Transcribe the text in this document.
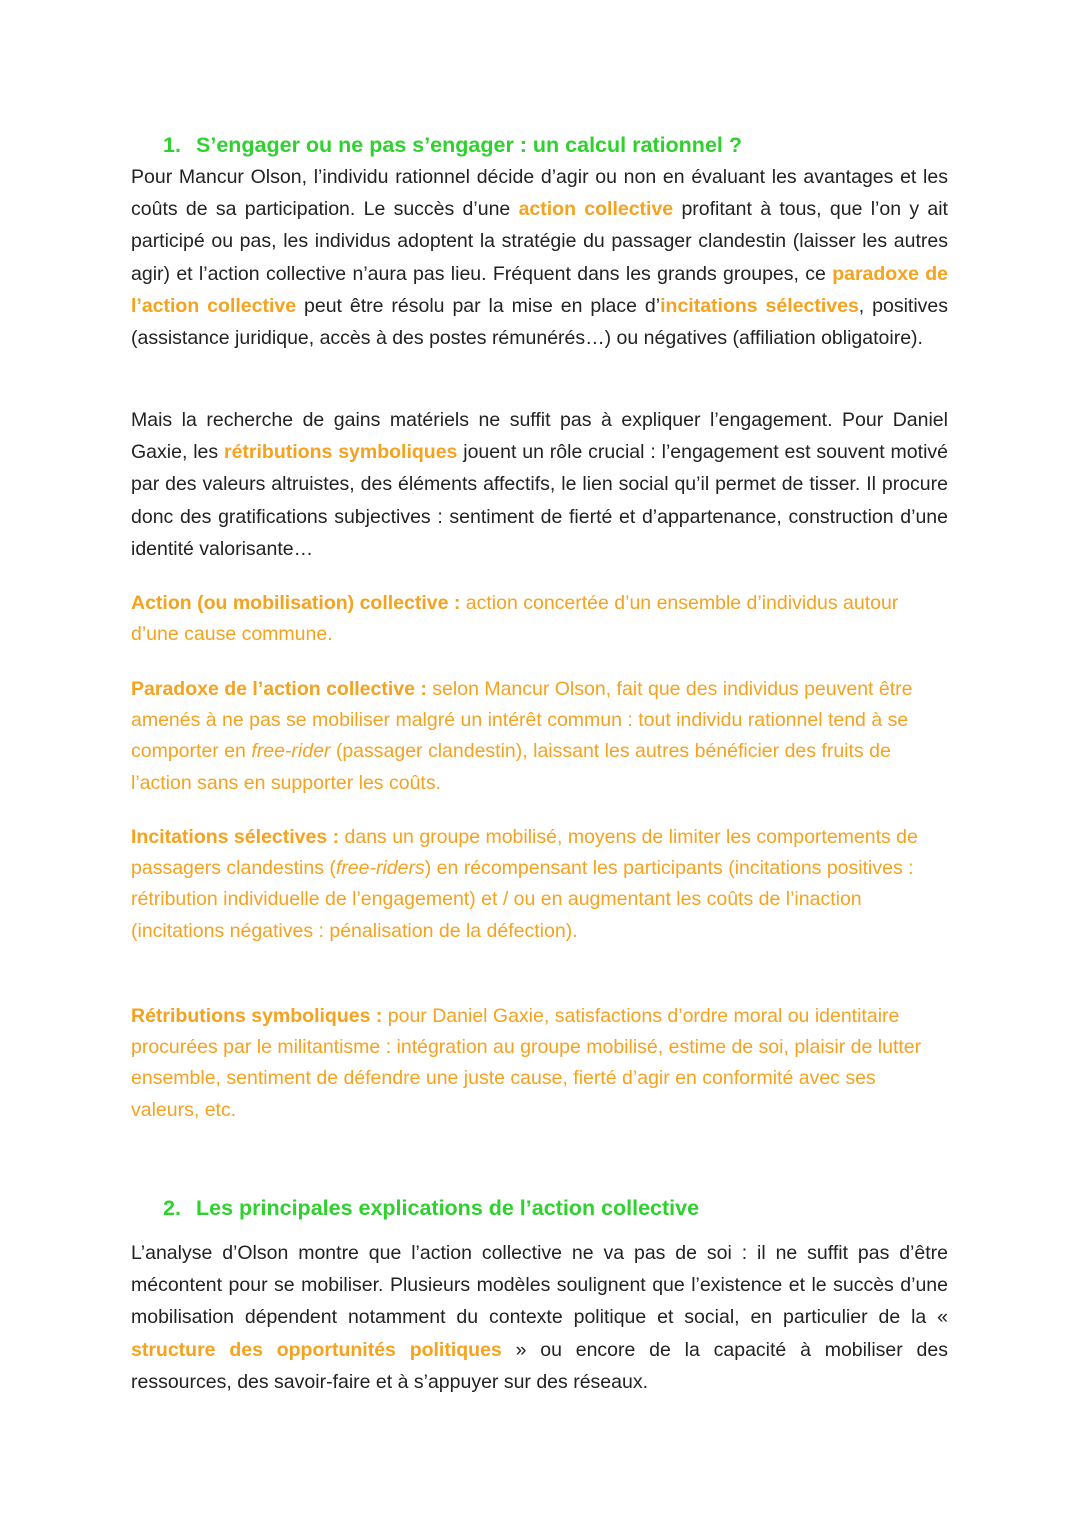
1. S’engager ou ne pas s’engager : un calcul rationnel ?

Pour Mancur Olson, l’individu rationnel décide d’agir ou non en évaluant les avantages et les coûts de sa participation. Le succès d’une action collective profitant à tous, que l’on y ait participé ou pas, les individus adoptent la stratégie du passager clandestin (laisser les autres agir) et l’action collective n’aura pas lieu. Fréquent dans les grands groupes, ce paradoxe de l’action collective peut être résolu par la mise en place d’incitations sélectives, positives (assistance juridique, accès à des postes rémunérés…) ou négatives (affiliation obligatoire).

Mais la recherche de gains matériels ne suffit pas à expliquer l’engagement. Pour Daniel Gaxie, les rétributions symboliques jouent un rôle crucial : l’engagement est souvent motivé par des valeurs altruistes, des éléments affectifs, le lien social qu’il permet de tisser. Il procure donc des gratifications subjectives : sentiment de fierté et d’appartenance, construction d’une identité valorisante…

Action (ou mobilisation) collective : action concertée d’un ensemble d’individus autour d’une cause commune.

Paradoxe de l’action collective : selon Mancur Olson, fait que des individus peuvent être amenés à ne pas se mobiliser malgré un intérêt commun : tout individu rationnel tend à se comporter en free-rider (passager clandestin), laissant les autres bénéficier des fruits de l’action sans en supporter les coûts.

Incitations sélectives : dans un groupe mobilisé, moyens de limiter les comportements de passagers clandestins (free-riders) en récompensant les participants (incitations positives : rétribution individuelle de l’engagement) et / ou en augmentant les coûts de l’inaction (incitations négatives : pénalisation de la défection).

Rétributions symboliques : pour Daniel Gaxie, satisfactions d’ordre moral ou identitaire procurées par le militantisme : intégration au groupe mobilisé, estime de soi, plaisir de lutter ensemble, sentiment de défendre une juste cause, fierté d’agir en conformité avec ses valeurs, etc.

2. Les principales explications de l’action collective

L’analyse d’Olson montre que l’action collective ne va pas de soi : il ne suffit pas d’être mécontent pour se mobiliser. Plusieurs modèles soulignent que l’existence et le succès d’une mobilisation dépendent notamment du contexte politique et social, en particulier de la « structure des opportunités politiques » ou encore de la capacité à mobiliser des ressources, des savoir-faire et à s’appuyer sur des réseaux.
